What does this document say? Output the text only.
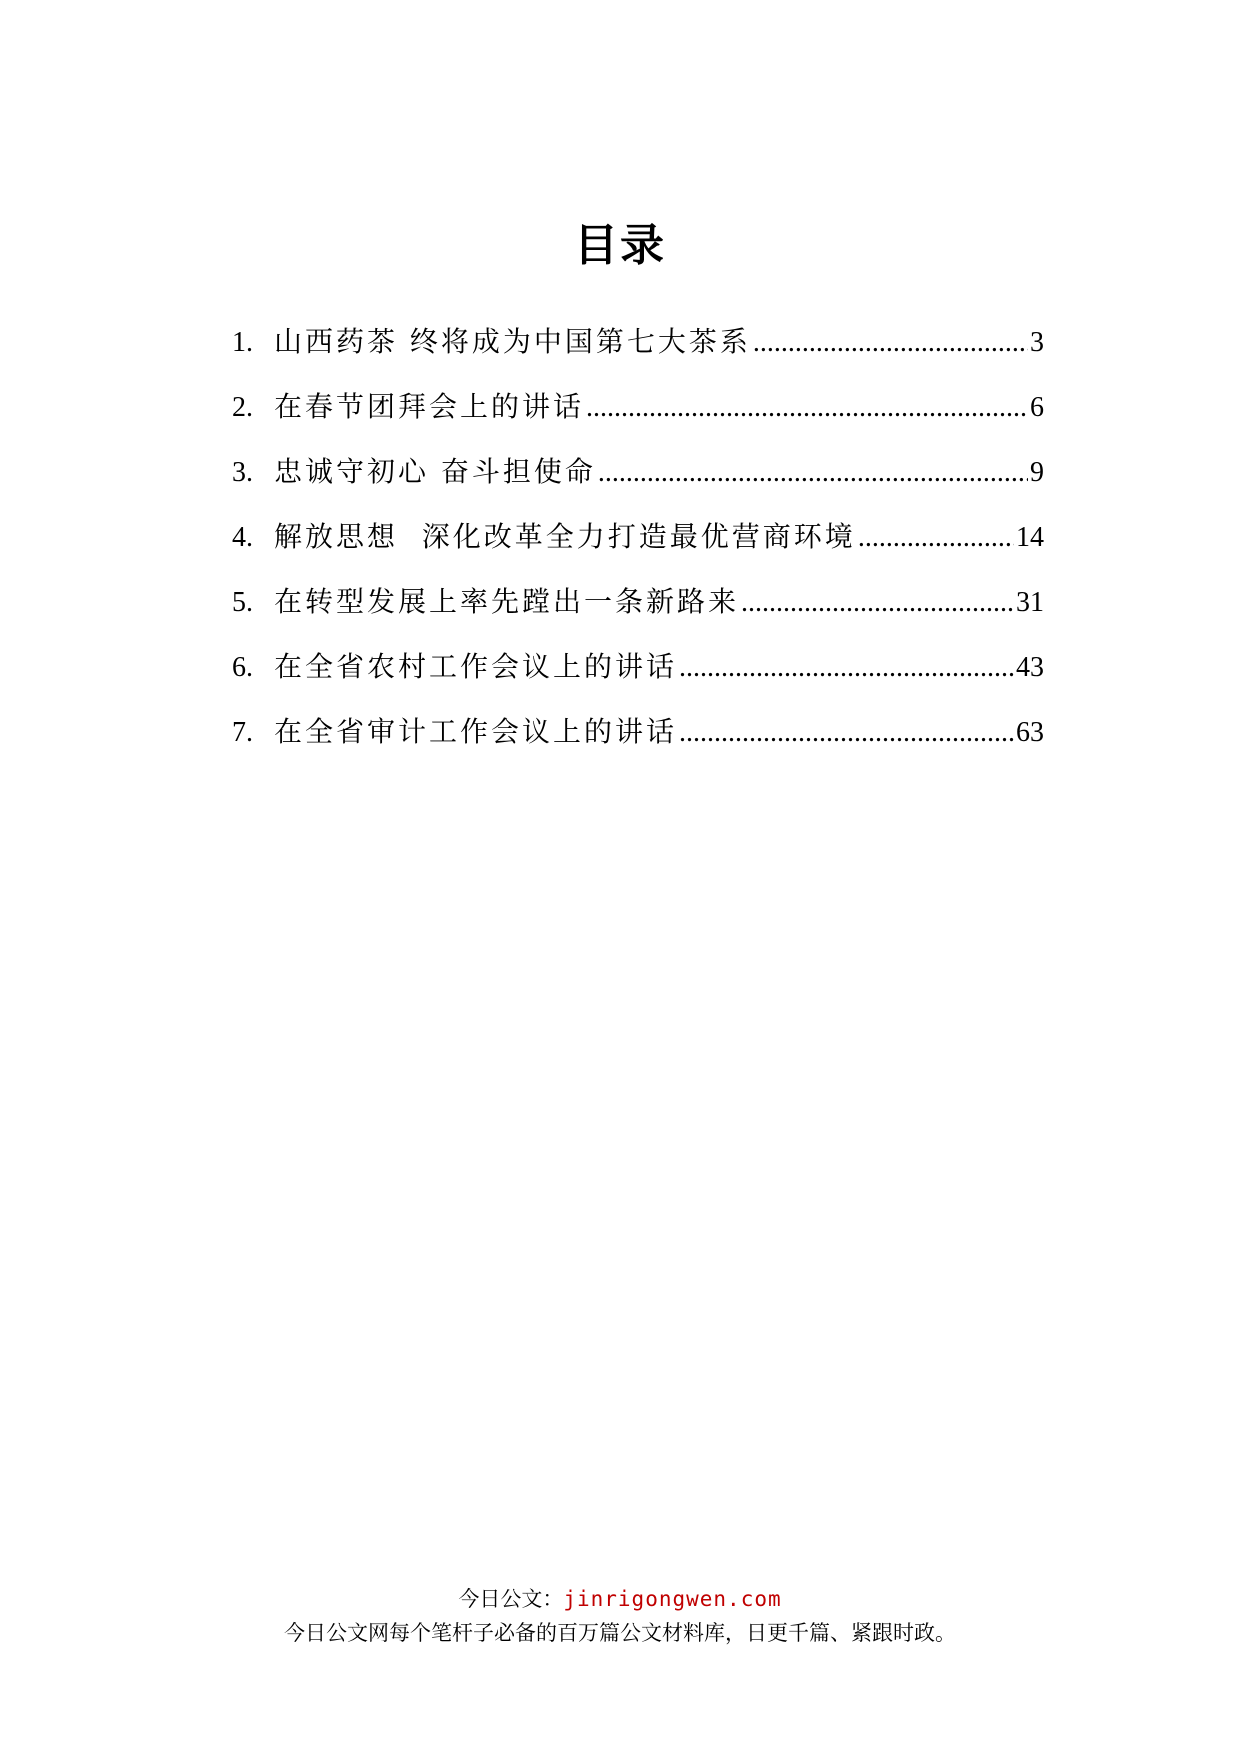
目录
1. 山西药茶 终将成为中国第七大茶系 .....	3
2. 在春节团拜会上的讲话 .....	6
3. 忠诚守初心 奋斗担使命 .....	9
4. 解放思想  深化改革全力打造最优营商环境 .....	14
5. 在转型发展上率先蹚出一条新路来 .....	31
6. 在全省农村工作会议上的讲话 .....	43
7. 在全省审计工作会议上的讲话 .....	63
今日公文：jinrigongwen.com
今日公文网每个笔杆子必备的百万篇公文材料库，日更千篇、紧跟时政。
